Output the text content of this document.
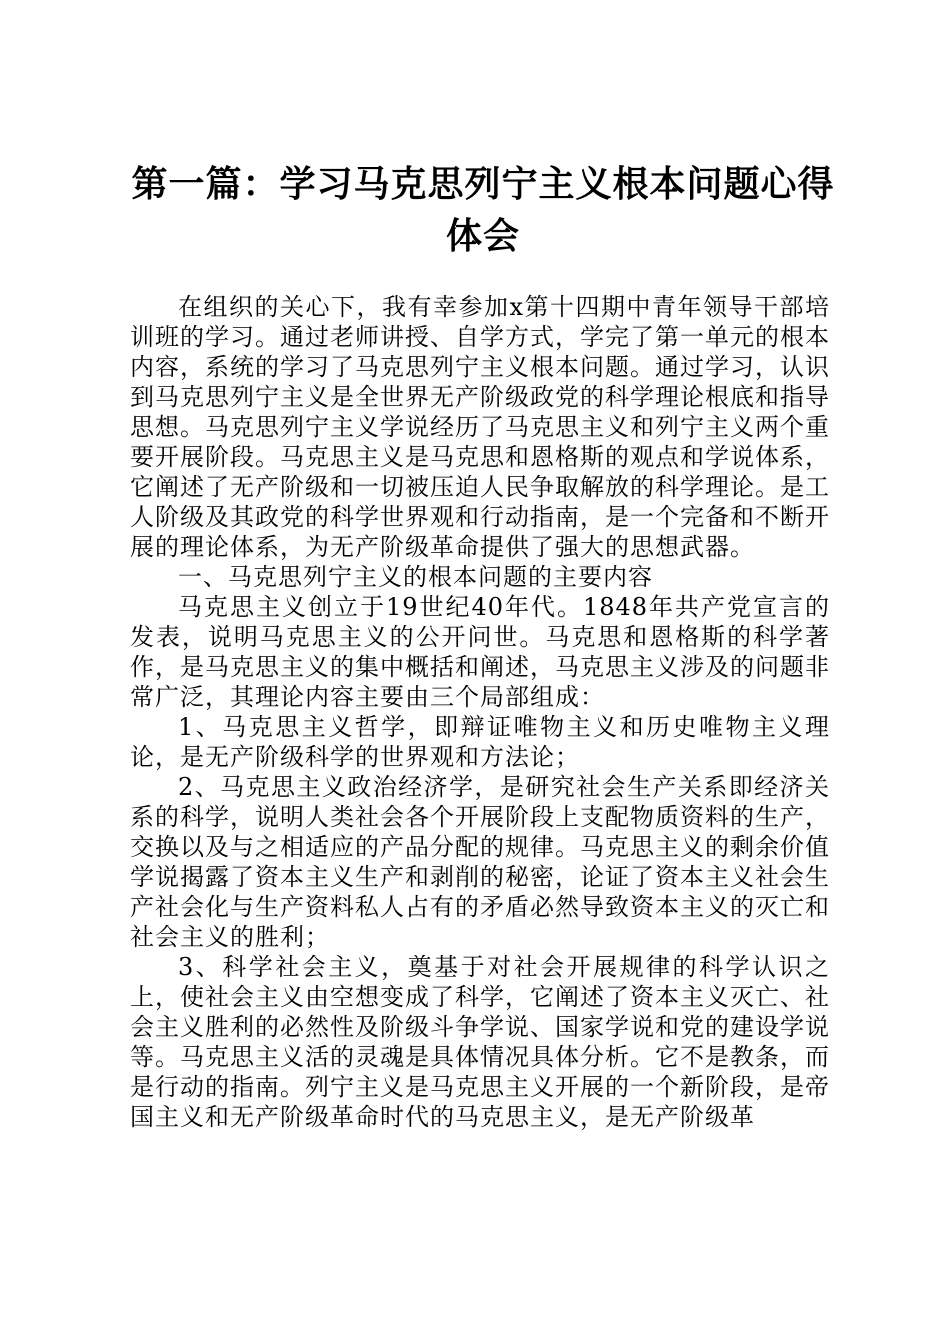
第一篇：学习马克思列宁主义根本问题心得体会

在组织的关心下，我有幸参加x第十四期中青年领导干部培训班的学习。通过老师讲授、自学方式，学完了第一单元的根本内容，系统的学习了马克思列宁主义根本问题。通过学习，认识到马克思列宁主义是全世界无产阶级政党的科学理论根底和指导思想。马克思列宁主义学说经历了马克思主义和列宁主义两个重要开展阶段。马克思主义是马克思和恩格斯的观点和学说体系，它阐述了无产阶级和一切被压迫人民争取解放的科学理论。是工人阶级及其政党的科学世界观和行动指南，是一个完备和不断开展的理论体系，为无产阶级革命提供了强大的思想武器。

一、马克思列宁主义的根本问题的主要内容

马克思主义创立于19世纪40年代。1848年共产党宣言的发表，说明马克思主义的公开问世。马克思和恩格斯的科学著作，是马克思主义的集中概括和阐述，马克思主义涉及的问题非常广泛，其理论内容主要由三个局部组成：

1、马克思主义哲学，即辩证唯物主义和历史唯物主义理论，是无产阶级科学的世界观和方法论；

2、马克思主义政治经济学，是研究社会生产关系即经济关系的科学，说明人类社会各个开展阶段上支配物质资料的生产，交换以及与之相适应的产品分配的规律。马克思主义的剩余价值学说揭露了资本主义生产和剥削的秘密，论证了资本主义社会生产社会化与生产资料私人占有的矛盾必然导致资本主义的灭亡和社会主义的胜利；

3、科学社会主义，奠基于对社会开展规律的科学认识之上，使社会主义由空想变成了科学，它阐述了资本主义灭亡、社会主义胜利的必然性及阶级斗争学说、国家学说和党的建设学说等。马克思主义活的灵魂是具体情况具体分析。它不是教条，而是行动的指南。列宁主义是马克思主义开展的一个新阶段，是帝国主义和无产阶级革命时代的马克思主义，是无产阶级革
